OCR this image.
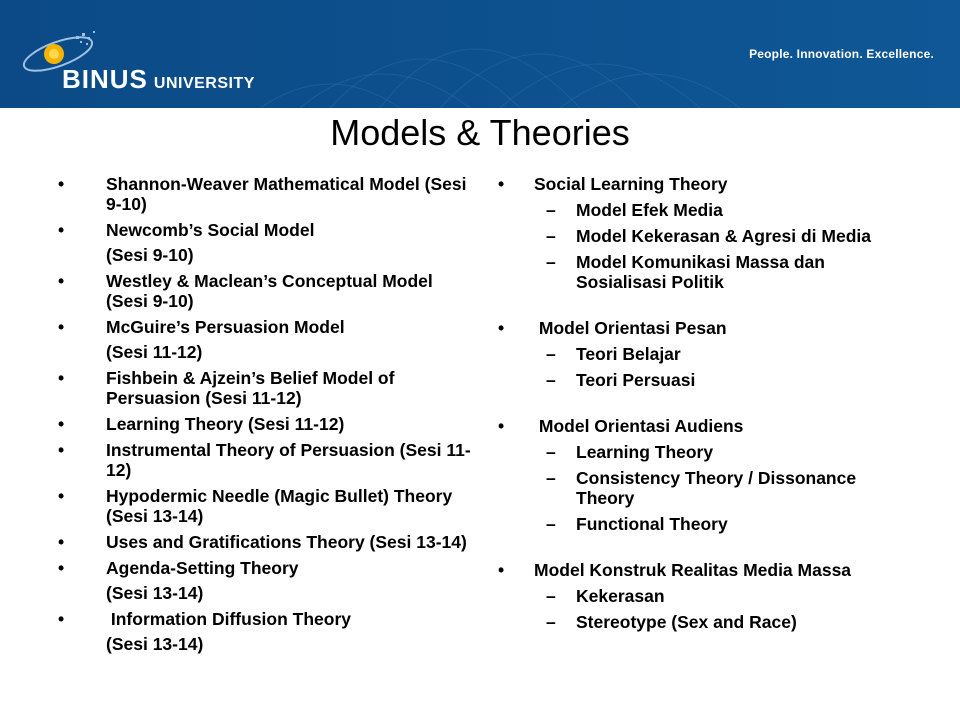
BINUS UNIVERSITY
People. Innovation. Excellence.
Models & Theories
• Shannon-Weaver Mathematical Model (Sesi 9-10)
• Newcomb’s Social Model
(Sesi 9-10)
• Westley & Maclean’s Conceptual Model (Sesi 9-10)
• McGuire’s Persuasion Model
(Sesi 11-12)
• Fishbein & Ajzein’s Belief Model of Persuasion (Sesi 11-12)
• Learning Theory (Sesi 11-12)
• Instrumental Theory of Persuasion (Sesi 11-12)
• Hypodermic Needle (Magic Bullet) Theory (Sesi 13-14)
• Uses and Gratifications Theory (Sesi 13-14)
• Agenda-Setting Theory
(Sesi 13-14)
• Information Diffusion Theory
(Sesi 13-14)
• Social Learning Theory
– Model Efek Media
– Model Kekerasan & Agresi di Media
– Model Komunikasi Massa dan Sosialisasi Politik
• Model Orientasi Pesan
– Teori Belajar
– Teori Persuasi
• Model Orientasi Audiens
– Learning Theory
– Consistency Theory / Dissonance Theory
– Functional Theory
• Model Konstruk Realitas Media Massa
– Kekerasan
– Stereotype (Sex and Race)
